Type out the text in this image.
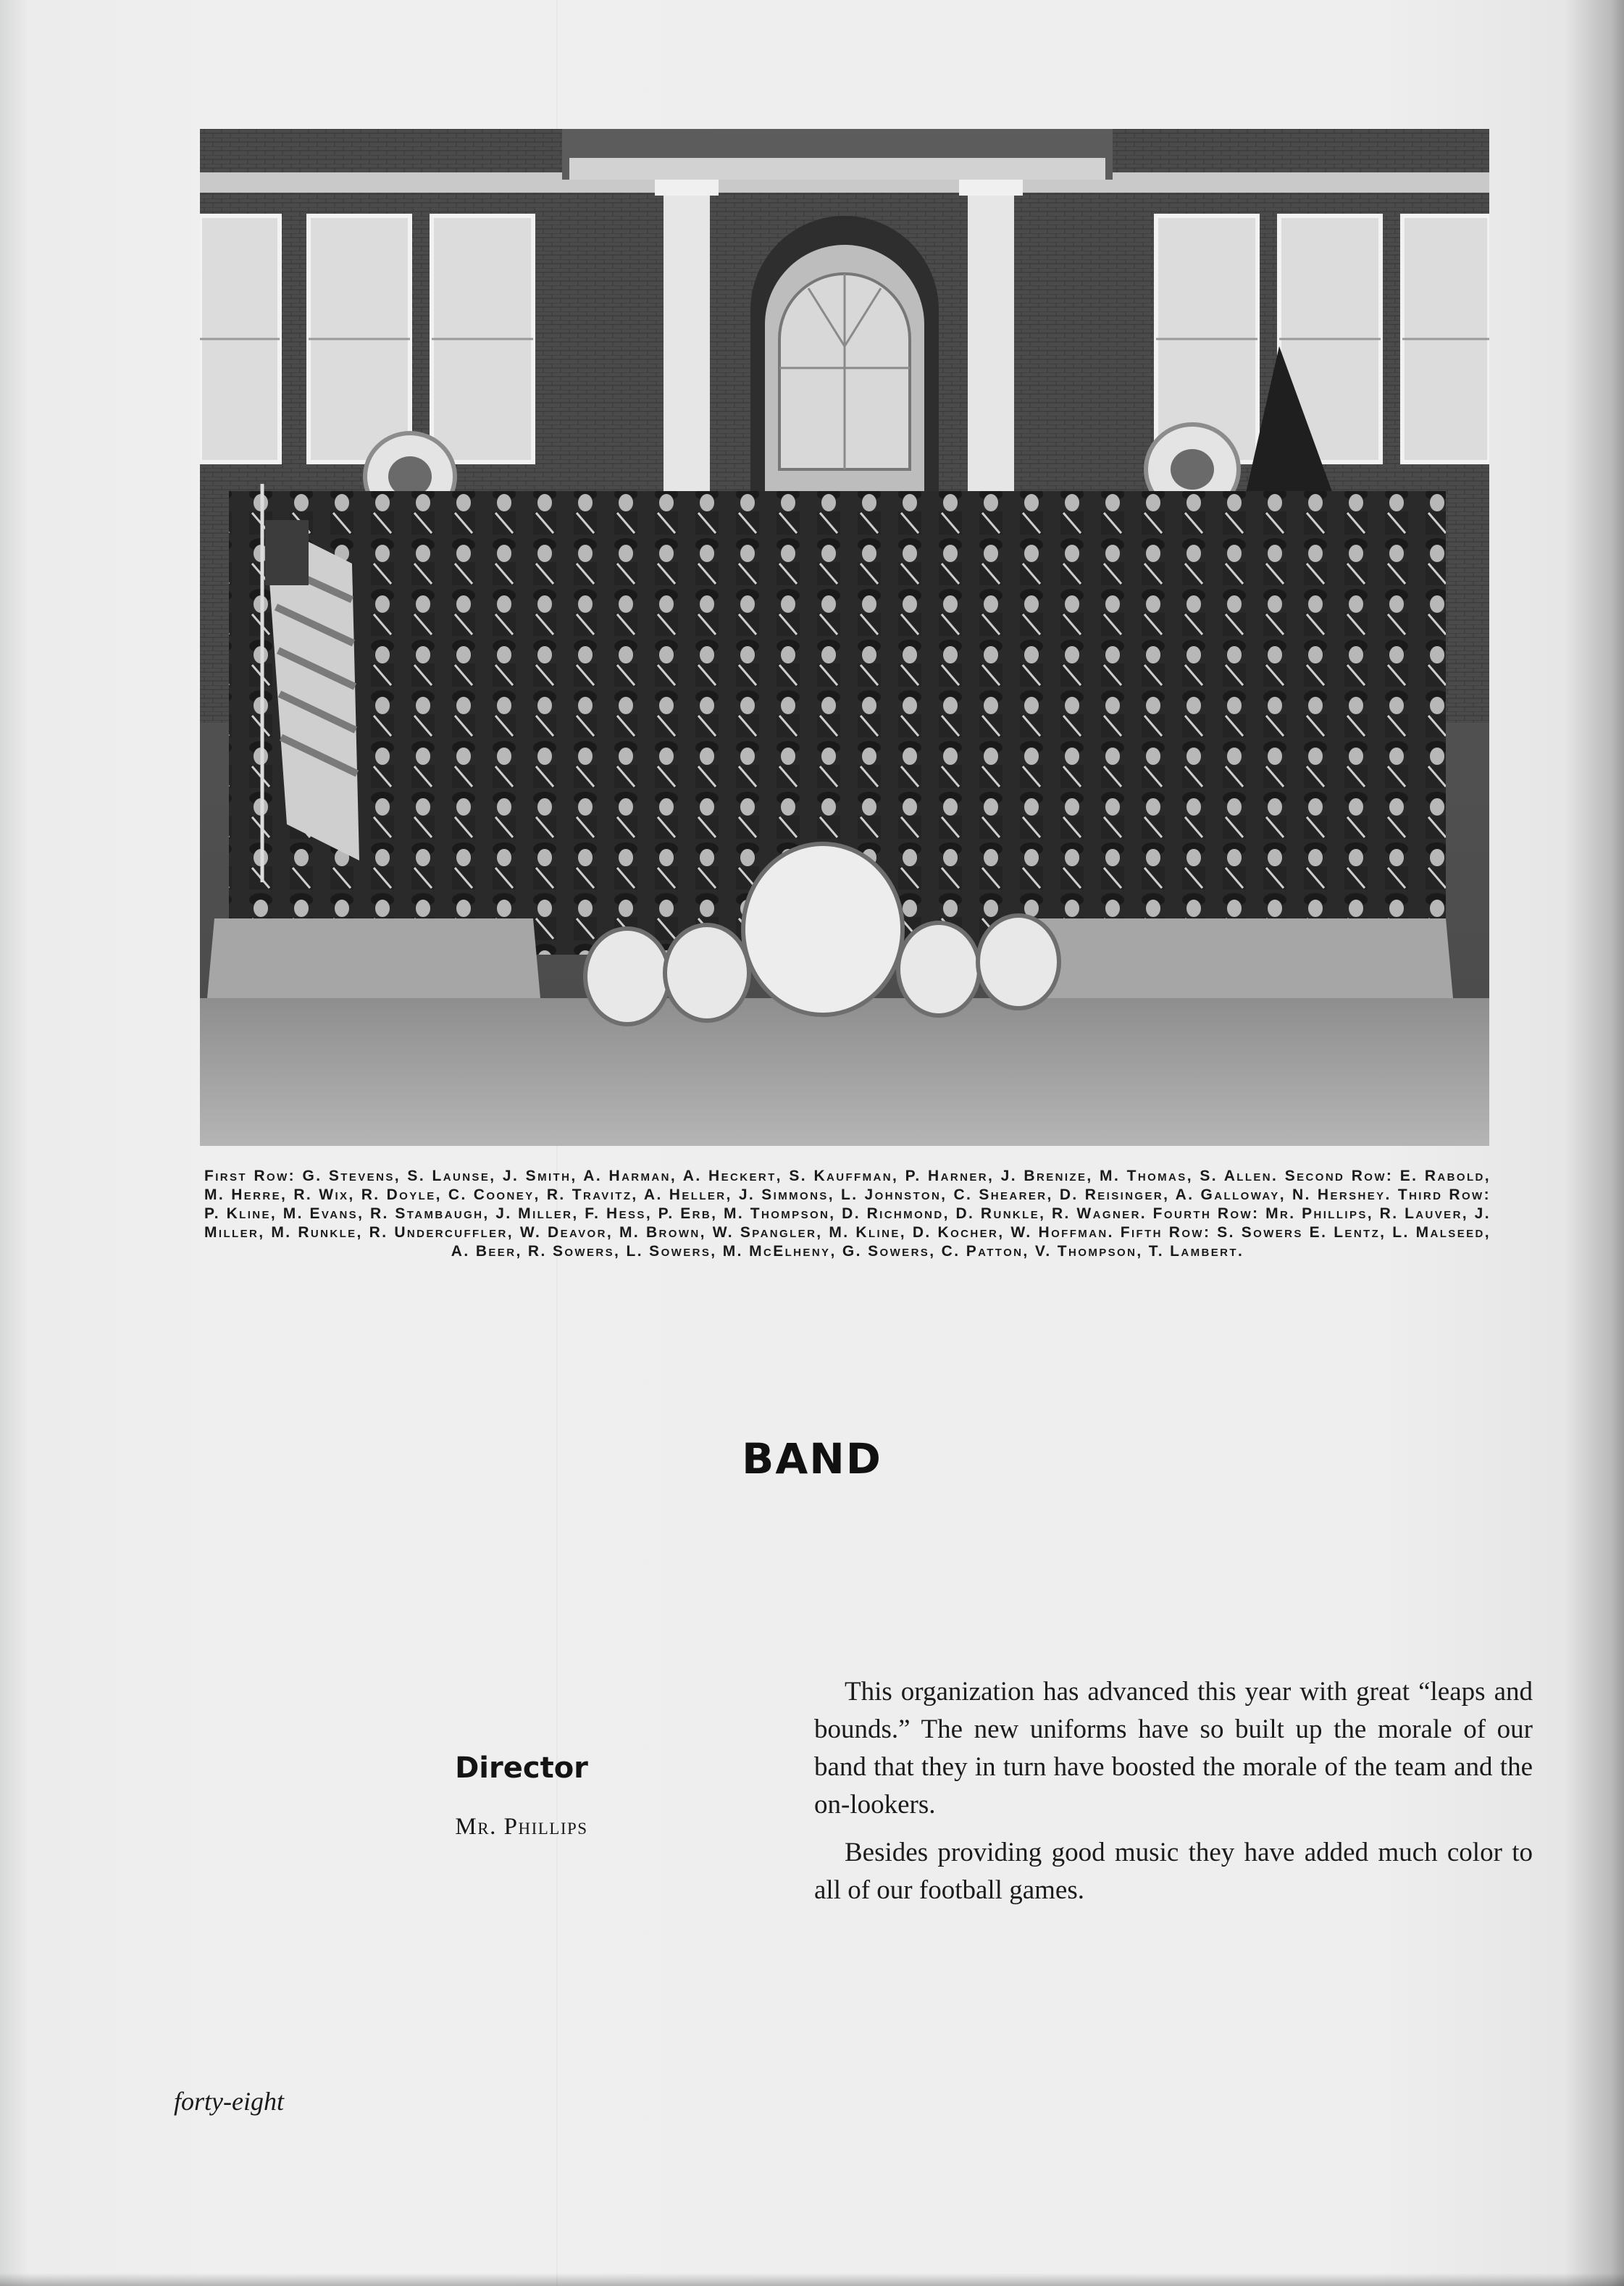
First Row: G. Stevens, S. Launse, J. Smith, A. Harman, A. Heckert, S. Kauffman, P. Harner, J. Brenize, M. Thomas, S. Allen. Second Row: E. Rabold, M. Herre, R. Wix, R. Doyle, C. Cooney, R. Travitz, A. Heller, J. Simmons, L. Johnston, C. Shearer, D. Reisinger, A. Galloway, N. Hershey. Third Row: P. Kline, M. Evans, R. Stambaugh, J. Miller, F. Hess, P. Erb, M. Thompson, D. Richmond, D. Runkle, R. Wagner. Fourth Row: Mr. Phillips, R. Lauver, J. Miller, M. Runkle, R. Undercuffler, W. Deavor, M. Brown, W. Spangler, M. Kline, D. Kocher, W. Hoffman. Fifth Row: S. Sowers E. Lentz, L. Malseed, A. Beer, R. Sowers, L. Sowers, M. McElheny, G. Sowers, C. Patton, V. Thompson, T. Lambert.
BAND
Director
Mr. Phillips

This organization has advanced this year with great “leaps and bounds.” The new uniforms have so built up the morale of our band that they in turn have boosted the morale of the team and the on-lookers.

Besides providing good music they have added much color to all of our football games.

forty-eight
